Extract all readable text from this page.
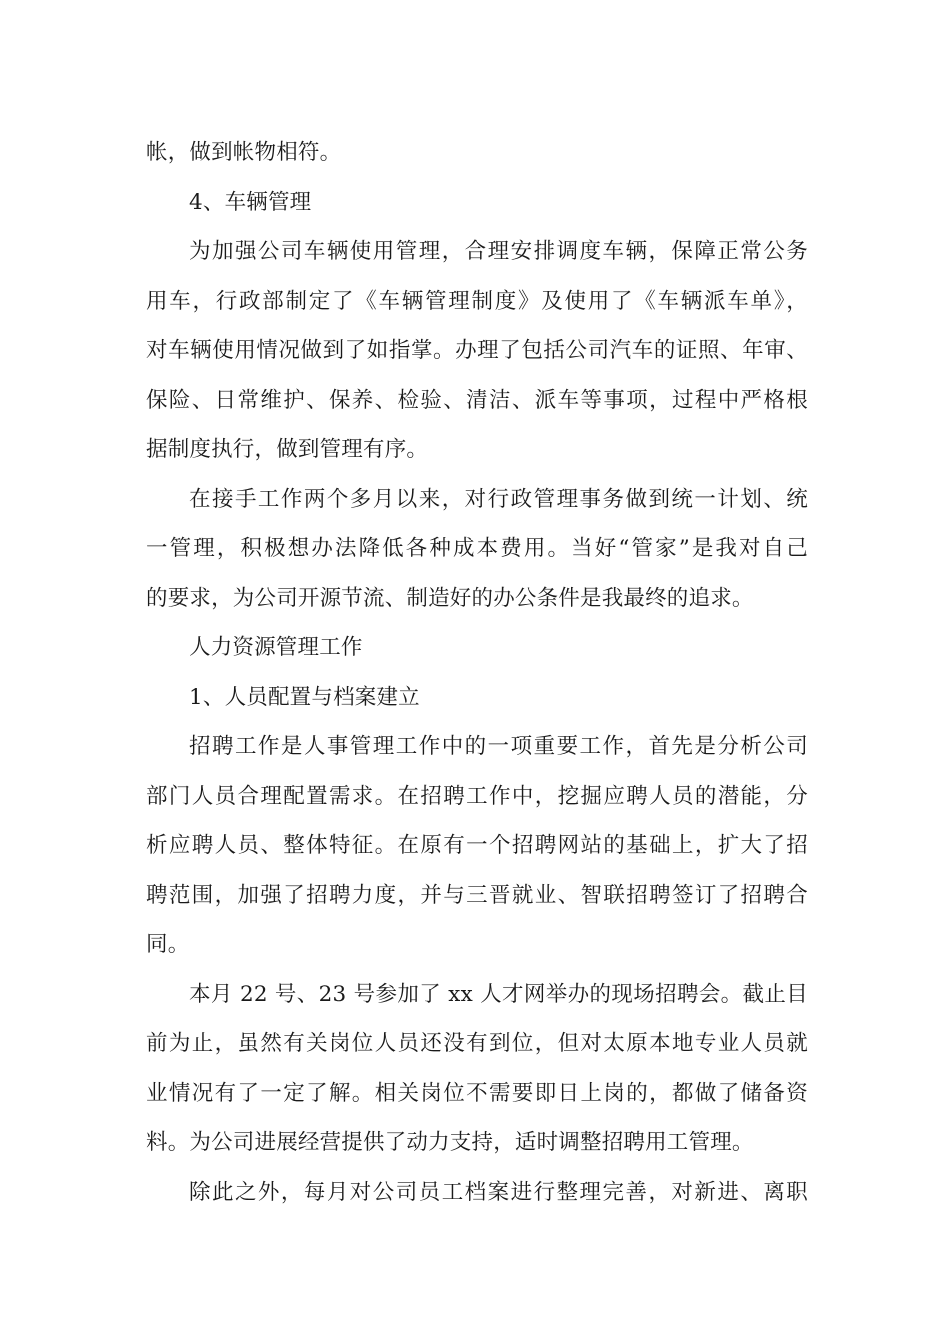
帐，做到帐物相符。
4、车辆管理
为加强公司车辆使用管理，合理安排调度车辆，保障正常公务
用车，行政部制定了《车辆管理制度》及使用了《车辆派车单》，
对车辆使用情况做到了如指掌。办理了包括公司汽车的证照、年审、
保险、日常维护、保养、检验、清洁、派车等事项，过程中严格根
据制度执行，做到管理有序。
在接手工作两个多月以来，对行政管理事务做到统一计划、统
一管理，积极想办法降低各种成本费用。当好“管家”是我对自己
的要求，为公司开源节流、制造好的办公条件是我最终的追求。
人力资源管理工作
1、人员配置与档案建立
招聘工作是人事管理工作中的一项重要工作，首先是分析公司
部门人员合理配置需求。在招聘工作中，挖掘应聘人员的潜能，分
析应聘人员、整体特征。在原有一个招聘网站的基础上，扩大了招
聘范围，加强了招聘力度，并与三晋就业、智联招聘签订了招聘合
同。
本月 22 号、23 号参加了 xx 人才网举办的现场招聘会。截止目
前为止，虽然有关岗位人员还没有到位，但对太原本地专业人员就
业情况有了一定了解。相关岗位不需要即日上岗的，都做了储备资
料。为公司进展经营提供了动力支持，适时调整招聘用工管理。
除此之外，每月对公司员工档案进行整理完善，对新进、离职
